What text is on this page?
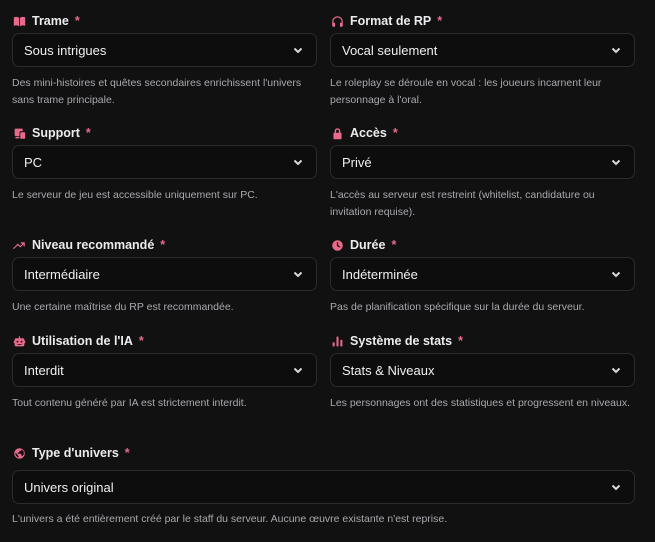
Trame *
Sous intrigues
Des mini-histoires et quêtes secondaires enrichissent l'univers sans trame principale.
Format de RP *
Vocal seulement
Le roleplay se déroule en vocal : les joueurs incarnent leur personnage à l'oral.
Support *
PC
Le serveur de jeu est accessible uniquement sur PC.
Accès *
Privé
L'accès au serveur est restreint (whitelist, candidature ou invitation requise).
Niveau recommandé *
Intermédiaire
Une certaine maîtrise du RP est recommandée.
Durée *
Indéterminée
Pas de planification spécifique sur la durée du serveur.
Utilisation de l'IA *
Interdit
Tout contenu généré par IA est strictement interdit.
Système de stats *
Stats & Niveaux
Les personnages ont des statistiques et progressent en niveaux.
Type d'univers *
Univers original
L'univers a été entièrement créé par le staff du serveur. Aucune œuvre existante n'est reprise.
